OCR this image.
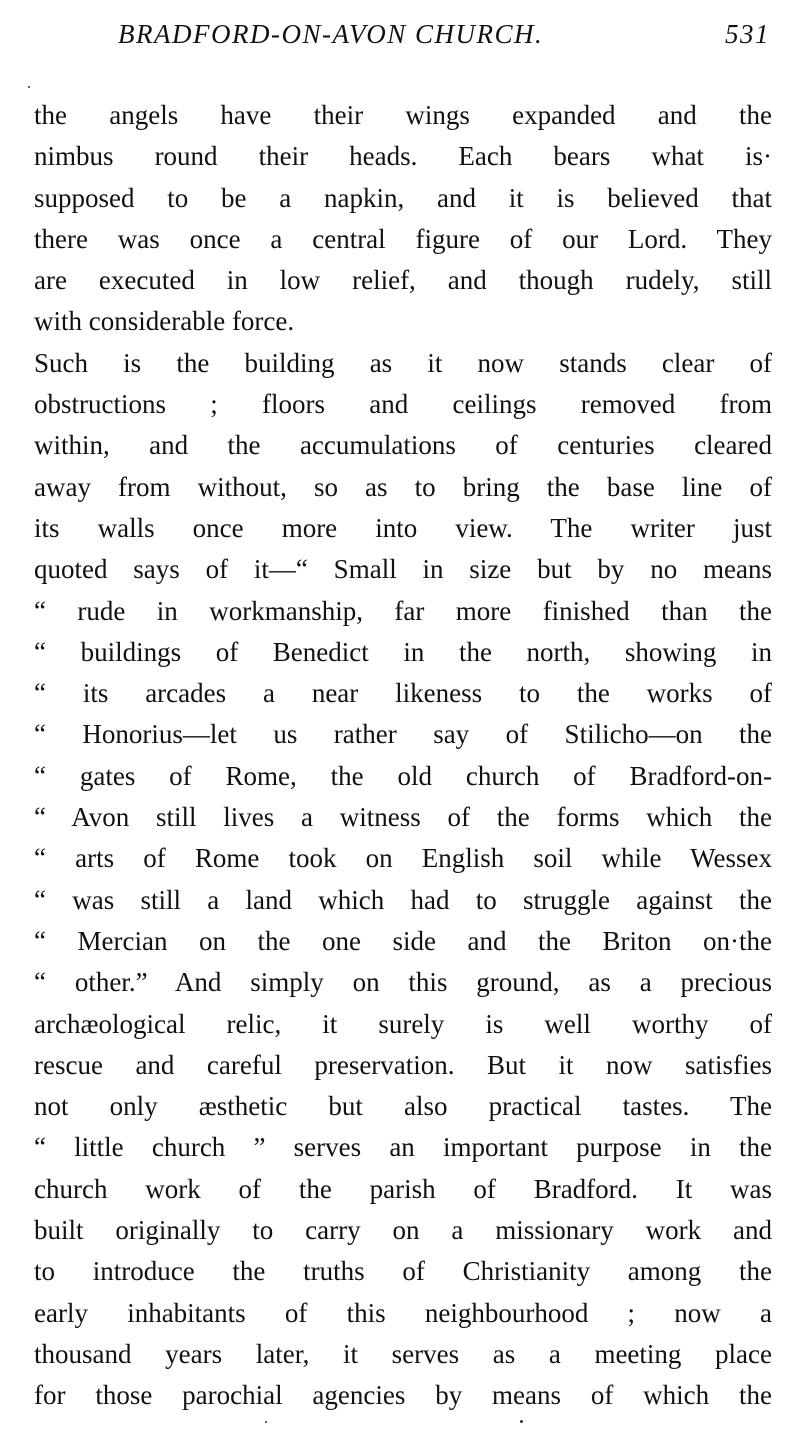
BRADFORD-ON-AVON CHURCH.	531
the angels have their wings expanded and the
nimbus round their heads. Each bears what is·
supposed to be a napkin, and it is believed that
there was once a central figure of our Lord. They
are executed in low relief, and though rudely, still
with considerable force.
Such is the building as it now stands clear of
obstructions ; floors and ceilings removed from
within, and the accumulations of centuries cleared
away from without, so as to bring the base line of
its walls once more into view. The writer just
quoted says of it—“ Small in size but by no means
“ rude in workmanship, far more finished than the
“ buildings of Benedict in the north, showing in
“ its arcades a near likeness to the works of
“ Honorius—let us rather say of Stilicho—on the
“ gates of Rome, the old church of Bradford-on-
“ Avon still lives a witness of the forms which the
“ arts of Rome took on English soil while Wessex
“ was still a land which had to struggle against the
“ Mercian on the one side and the Briton on·the
“ other.” And simply on this ground, as a precious
archæological relic, it surely is well worthy of
rescue and careful preservation. But it now satisfies
not only æsthetic but also practical tastes. The
“ little church ” serves an important purpose in the
church work of the parish of Bradford. It was
built originally to carry on a missionary work and
to introduce the truths of Christianity among the
early inhabitants of this neighbourhood ; now a
thousand years later, it serves as a meeting place
for those parochial agencies by means of which the
